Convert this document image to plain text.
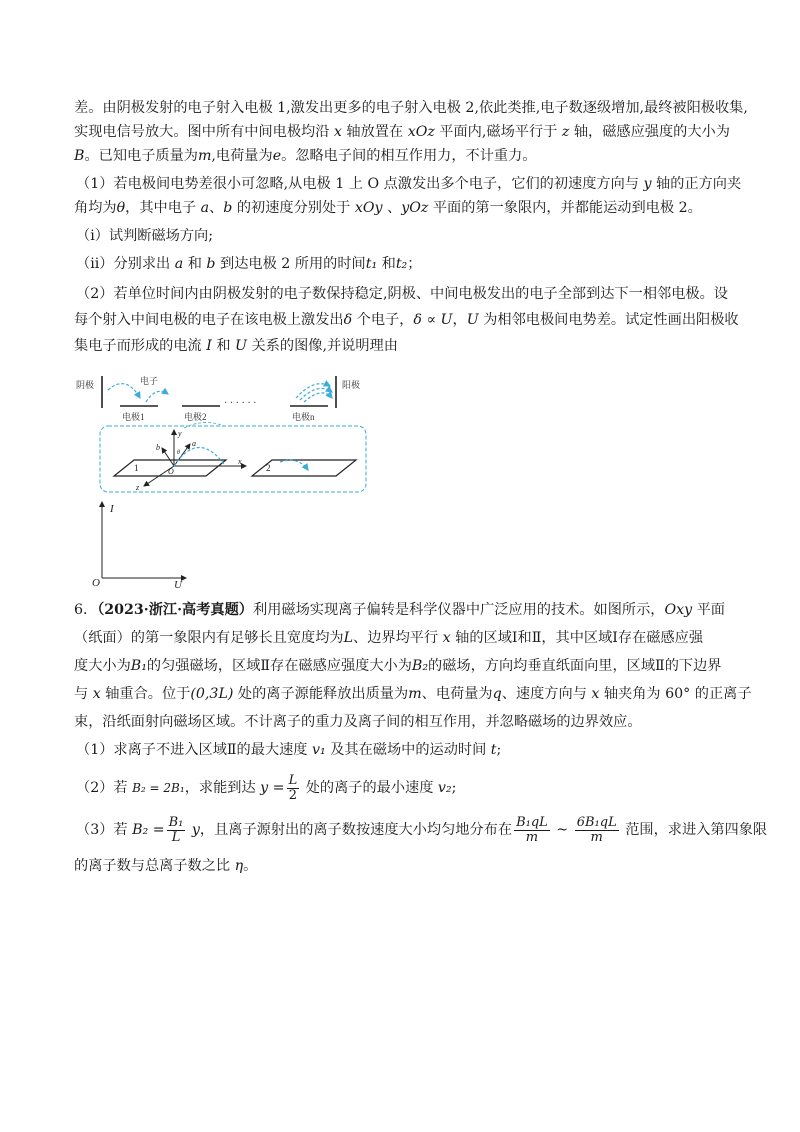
差。由阴极发射的电子射入电极 1,激发出更多的电子射入电极 2,依此类推,电子数逐级增加,最终被阳极收集,
实现电信号放大。图中所有中间电极均沿 x 轴放置在 xOz 平面内,磁场平行于 z 轴，磁感应强度的大小为
B。已知电子质量为m,电荷量为e。忽略电子间的相互作用力，不计重力。
（1）若电极间电势差很小可忽略,从电极 1 上 O 点激发出多个电子，它们的初速度方向与 y 轴的正方向夹
角均为θ，其中电子 a、b 的初速度分别处于 xOy 、yOz 平面的第一象限内，并都能运动到电极 2。
（i）试判断磁场方向;
（ii）分别求出 a 和 b 到达电极 2 所用的时间t₁ 和t₂；
（2）若单位时间内由阴极发射的电子数保持稳定,阴极、中间电极发出的电子全部到达下一相邻电极。设
每个射入中间电极的电子在该电极上激发出δ 个电子，δ ∝ U，U 为相邻电极间电势差。试定性画出阳极收
集电子而形成的电流 I 和 U 关系的图像,并说明理由
阴极	电子
电极1	电极2
· · · · · ·
电极n
阳极
1	2
y
x
z
O
a
b
θ
I
U
O
6．（2023·浙江·高考真题）利用磁场实现离子偏转是科学仪器中广泛应用的技术。如图所示，Oxy 平面
（纸面）的第一象限内有足够长且宽度均为L、边界均平行 x 轴的区域Ⅰ和Ⅱ，其中区域Ⅰ存在磁感应强
度大小为B₁的匀强磁场，区域Ⅱ存在磁感应强度大小为B₂的磁场，方向均垂直纸面向里，区域Ⅱ的下边界
与 x 轴重合。位于(0,3L) 处的离子源能释放出质量为m、电荷量为q、速度方向与 x 轴夹角为 60° 的正离子
束，沿纸面射向磁场区域。不计离子的重力及离子间的相互作用，并忽略磁场的边界效应。
（1）求离子不进入区域Ⅱ的最大速度 v₁ 及其在磁场中的运动时间 t;
（2）若 B₂ = 2B₁，求能到达 $y = \frac{L}{2}$ 处的离子的最小速度 v₂;
（3）若 $B_2 = \frac{\text{B₁}}{L}$ y，且离子源射出的离子数按速度大小均匀地分布在 $\frac{\text{B₁qL}}{m}$ ~ $\frac{\text{6B₁qL}}{m}$ 范围，求进入第四象限
的离子数与总离子数之比 η。
